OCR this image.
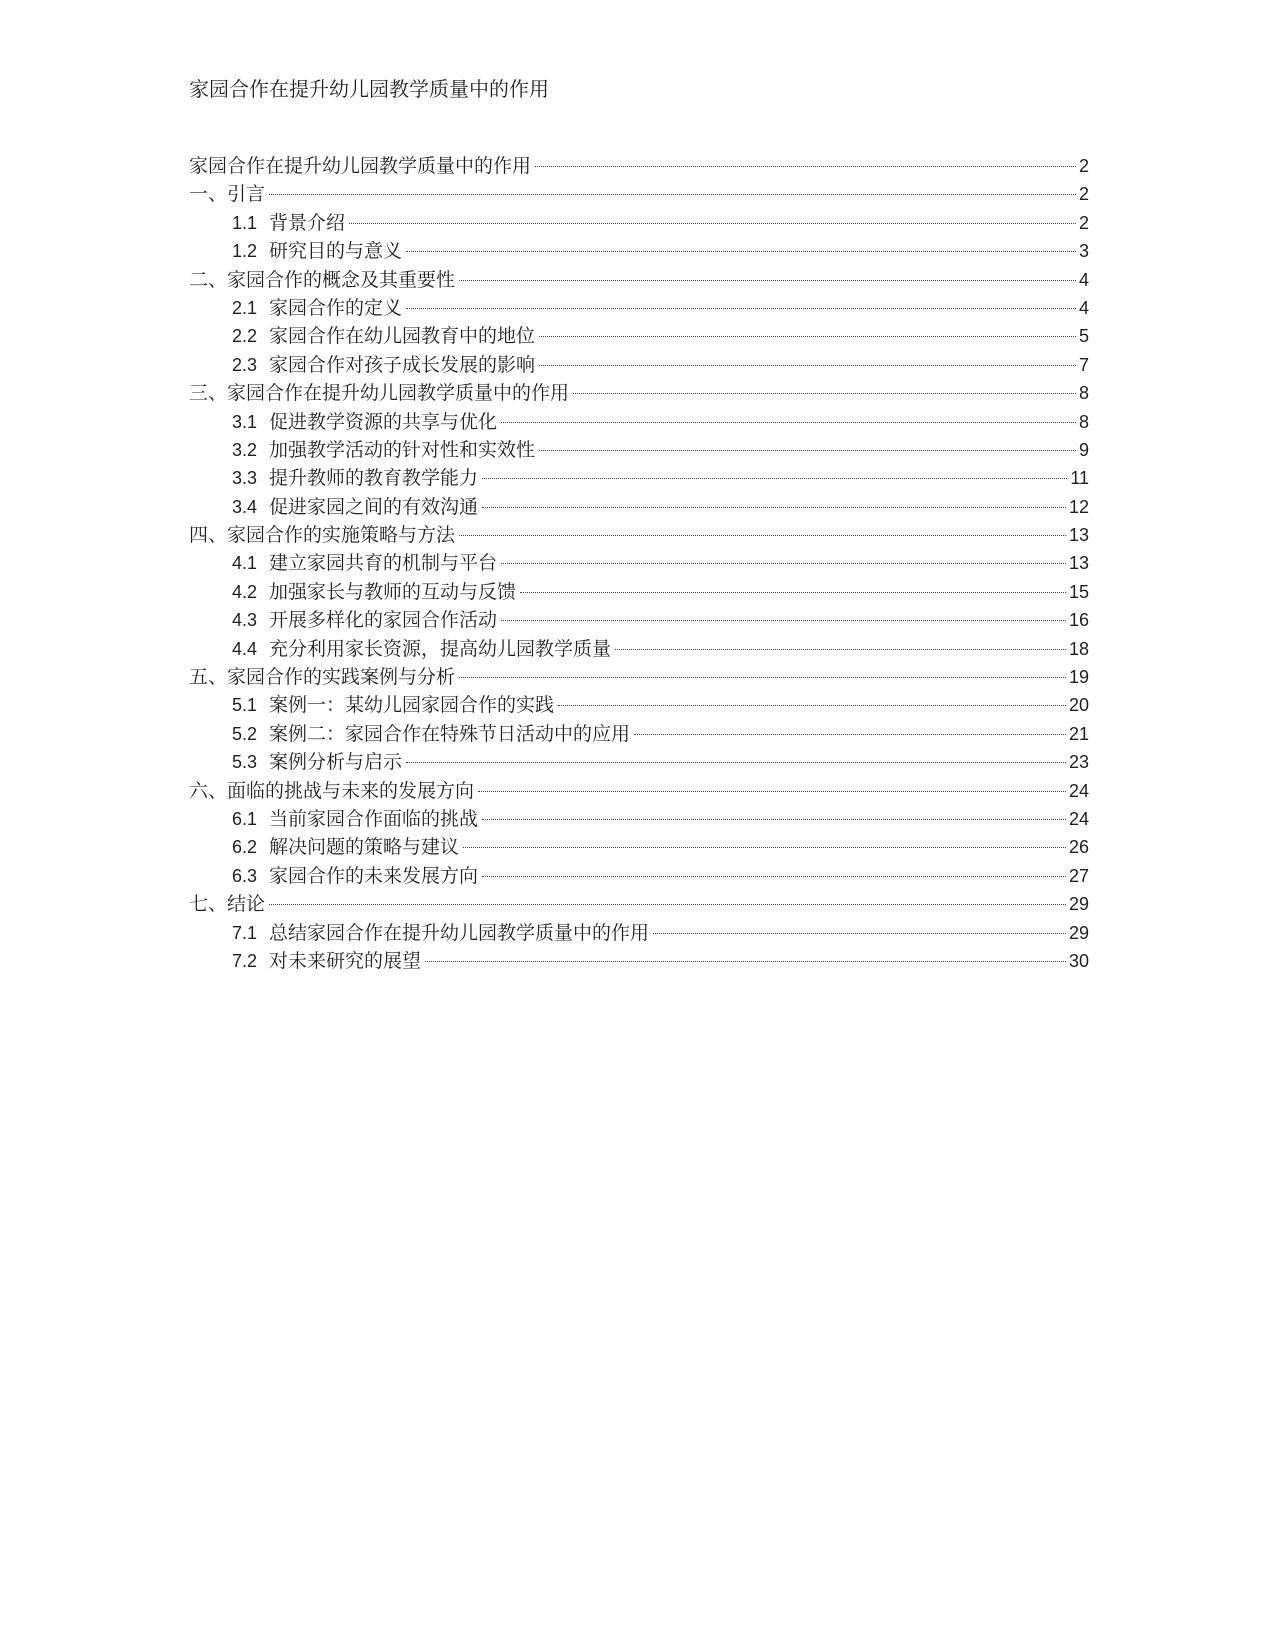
家园合作在提升幼儿园教学质量中的作用
家园合作在提升幼儿园教学质量中的作用	2
一、引言	2
1.1 背景介绍	2
1.2 研究目的与意义	3
二、家园合作的概念及其重要性	4
2.1 家园合作的定义	4
2.2 家园合作在幼儿园教育中的地位	5
2.3 家园合作对孩子成长发展的影响	7
三、家园合作在提升幼儿园教学质量中的作用	8
3.1 促进教学资源的共享与优化	8
3.2 加强教学活动的针对性和实效性	9
3.3 提升教师的教育教学能力	11
3.4 促进家园之间的有效沟通	12
四、家园合作的实施策略与方法	13
4.1 建立家园共育的机制与平台	13
4.2 加强家长与教师的互动与反馈	15
4.3 开展多样化的家园合作活动	16
4.4 充分利用家长资源，提高幼儿园教学质量	18
五、家园合作的实践案例与分析	19
5.1 案例一：某幼儿园家园合作的实践	20
5.2 案例二：家园合作在特殊节日活动中的应用	21
5.3 案例分析与启示	23
六、面临的挑战与未来的发展方向	24
6.1 当前家园合作面临的挑战	24
6.2 解决问题的策略与建议	26
6.3 家园合作的未来发展方向	27
七、结论	29
7.1 总结家园合作在提升幼儿园教学质量中的作用	29
7.2 对未来研究的展望	30
